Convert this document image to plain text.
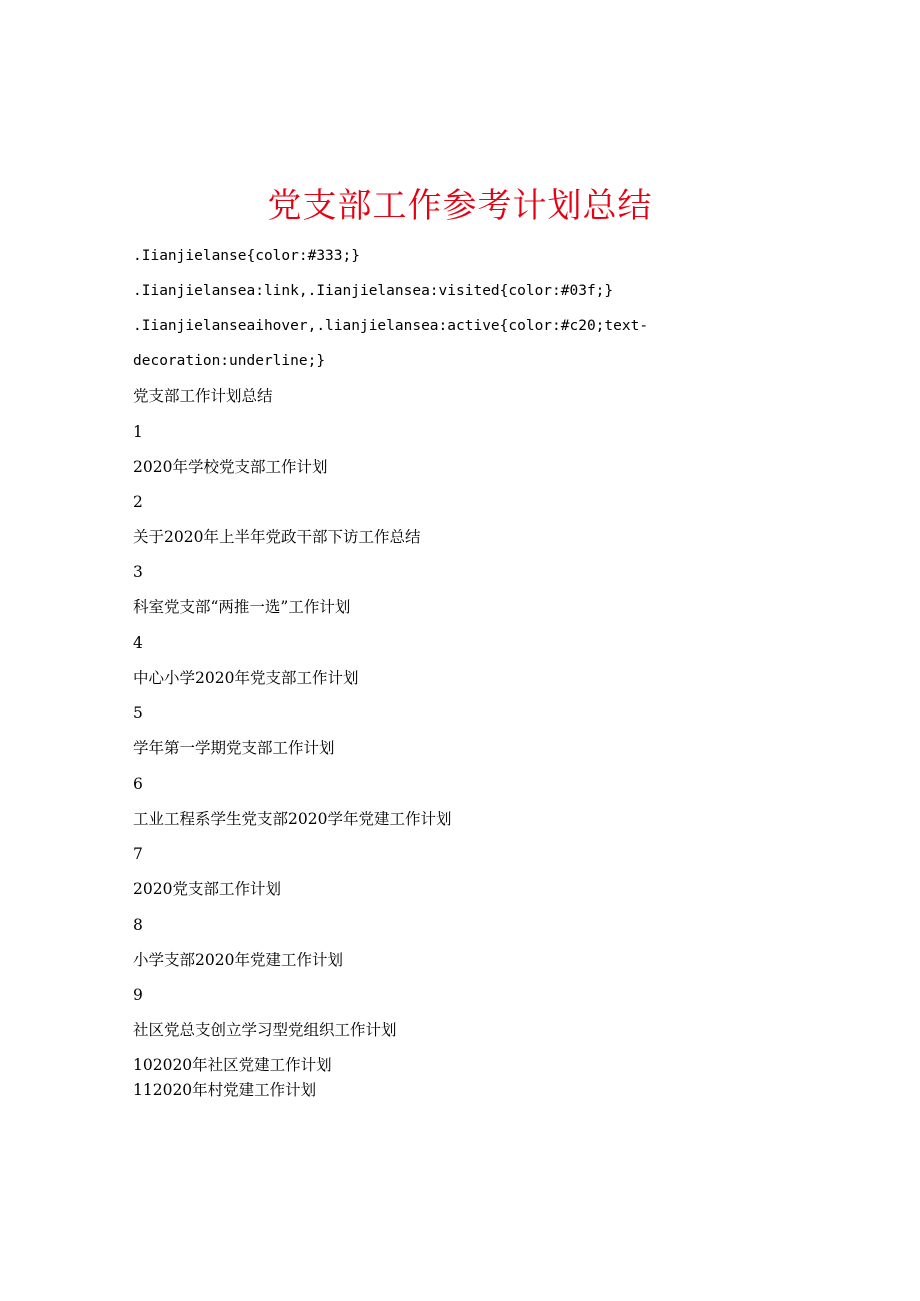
党支部工作参考计划总结
.Iianjielanse{color:#333;}
.Iianjielansea:link,.Iianjielansea:visited{color:#03f;}
.Iianjielanseaihover,.lianjielansea:active{color:#c20;text-
decoration:underline;}
党支部工作计划总结
1
2020年学校党支部工作计划
2
关于2020年上半年党政干部下访工作总结
3
科室党支部“两推一选”工作计划
4
中心小学2020年党支部工作计划
5
学年第一学期党支部工作计划
6
工业工程系学生党支部2020学年党建工作计划
7
2020党支部工作计划
8
小学支部2020年党建工作计划
9
社区党总支创立学习型党组织工作计划
102020年社区党建工作计划
112020年村党建工作计划
